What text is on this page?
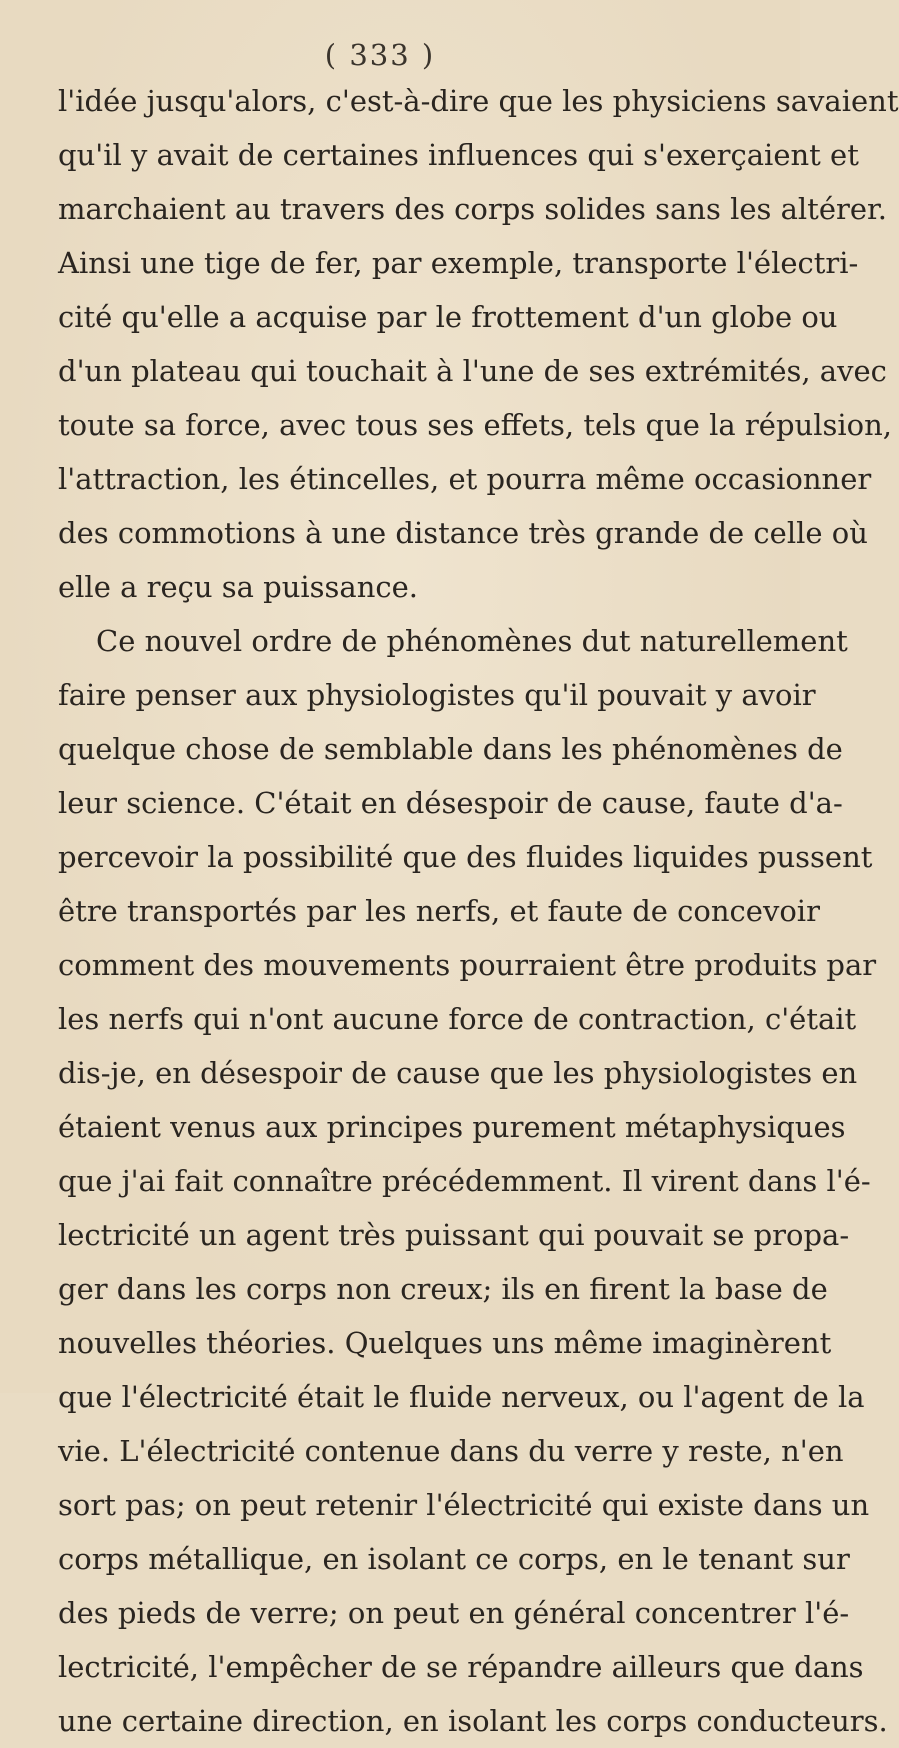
( 333 )
l'idée jusqu'alors, c'est-à-dire que les physiciens savaient
qu'il y avait de certaines influences qui s'exerçaient et
marchaient au travers des corps solides sans les altérer.
Ainsi une tige de fer, par exemple, transporte l'électri-
cité qu'elle a acquise par le frottement d'un globe ou
d'un plateau qui touchait à l'une de ses extrémités, avec
toute sa force, avec tous ses effets, tels que la répulsion,
l'attraction, les étincelles, et pourra même occasionner
des commotions à une distance très grande de celle où
elle a reçu sa puissance.
Ce nouvel ordre de phénomènes dut naturellement
faire penser aux physiologistes qu'il pouvait y avoir
quelque chose de semblable dans les phénomènes de
leur science. C'était en désespoir de cause, faute d'a-
percevoir la possibilité que des fluides liquides pussent
être transportés par les nerfs, et faute de concevoir
comment des mouvements pourraient être produits par
les nerfs qui n'ont aucune force de contraction, c'était
dis-je, en désespoir de cause que les physiologistes en
étaient venus aux principes purement métaphysiques
que j'ai fait connaître précédemment. Il virent dans l'é-
lectricité un agent très puissant qui pouvait se propa-
ger dans les corps non creux; ils en firent la base de
nouvelles théories. Quelques uns même imaginèrent
que l'électricité était le fluide nerveux, ou l'agent de la
vie. L'électricité contenue dans du verre y reste, n'en
sort pas; on peut retenir l'électricité qui existe dans un
corps métallique, en isolant ce corps, en le tenant sur
des pieds de verre; on peut en général concentrer l'é-
lectricité, l'empêcher de se répandre ailleurs que dans
une certaine direction, en isolant les corps conducteurs.
